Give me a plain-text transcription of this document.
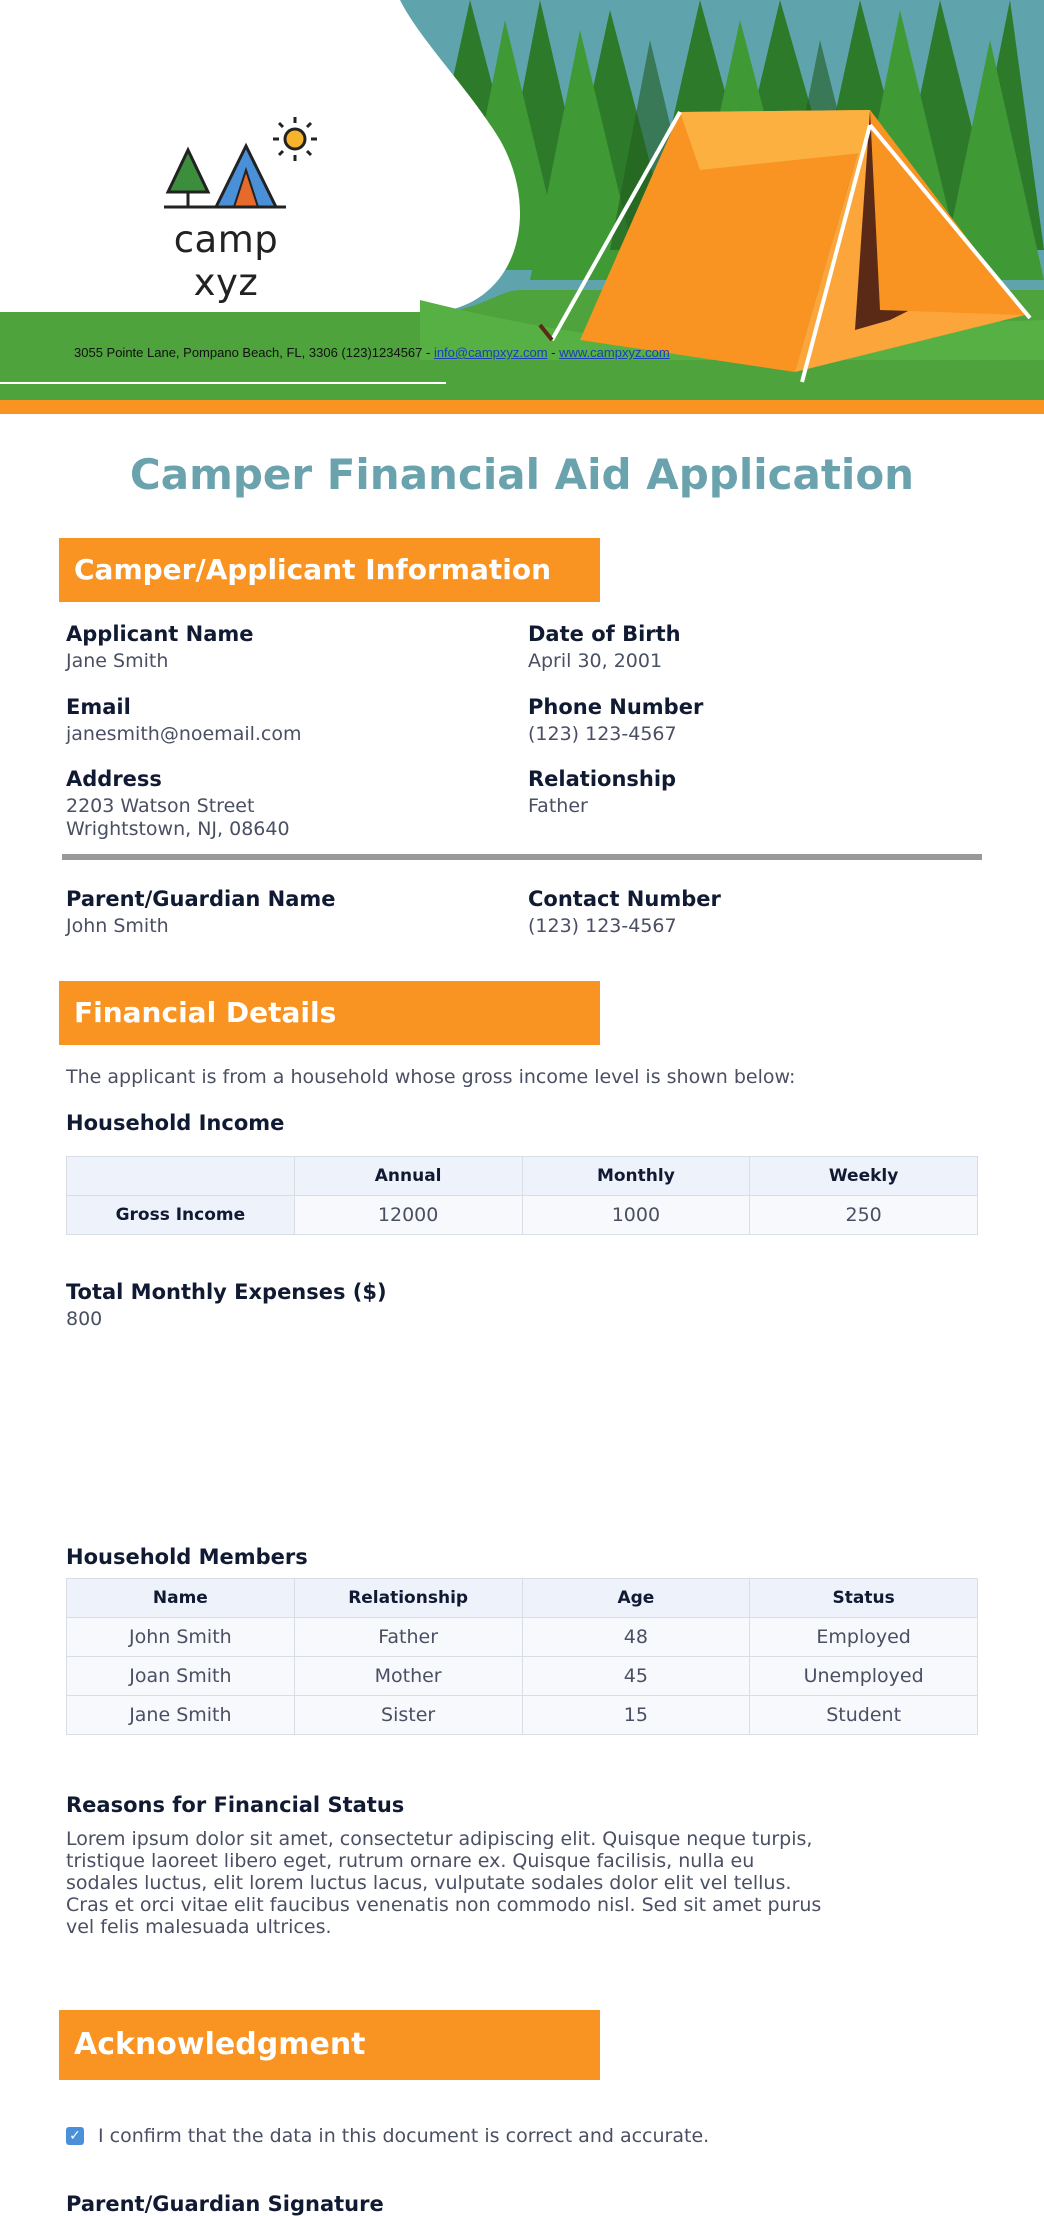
camp xyz
3055 Pointe Lane, Pompano Beach, FL, 3306 (123)1234567 - info@campxyz.com - www.campxyz.com
Camper Financial Aid Application
Camper/Applicant Information
Applicant Name
Jane Smith
Date of Birth
April 30, 2001
Email
janesmith@noemail.com
Phone Number
(123) 123-4567
Address
2203 Watson Street
Wrightstown, NJ, 08640
Relationship
Father
Parent/Guardian Name
John Smith
Contact Number
(123) 123-4567
Financial Details
The applicant is from a household whose gross income level is shown below:
Household Income
	Annual	Monthly	Weekly
Gross Income	12000	1000	250
Total Monthly Expenses ($)
800
Household Members
Name	Relationship	Age	Status
John Smith	Father	48	Employed
Joan Smith	Mother	45	Unemployed
Jane Smith	Sister	15	Student
Reasons for Financial Status
Lorem ipsum dolor sit amet, consectetur adipiscing elit. Quisque neque turpis, tristique laoreet libero eget, rutrum ornare ex. Quisque facilisis, nulla eu sodales luctus, elit lorem luctus lacus, vulputate sodales dolor elit vel tellus. Cras et orci vitae elit faucibus venenatis non commodo nisl. Sed sit amet purus vel felis malesuada ultrices.
Acknowledgment
✓ I confirm that the data in this document is correct and accurate.
Parent/Guardian Signature
